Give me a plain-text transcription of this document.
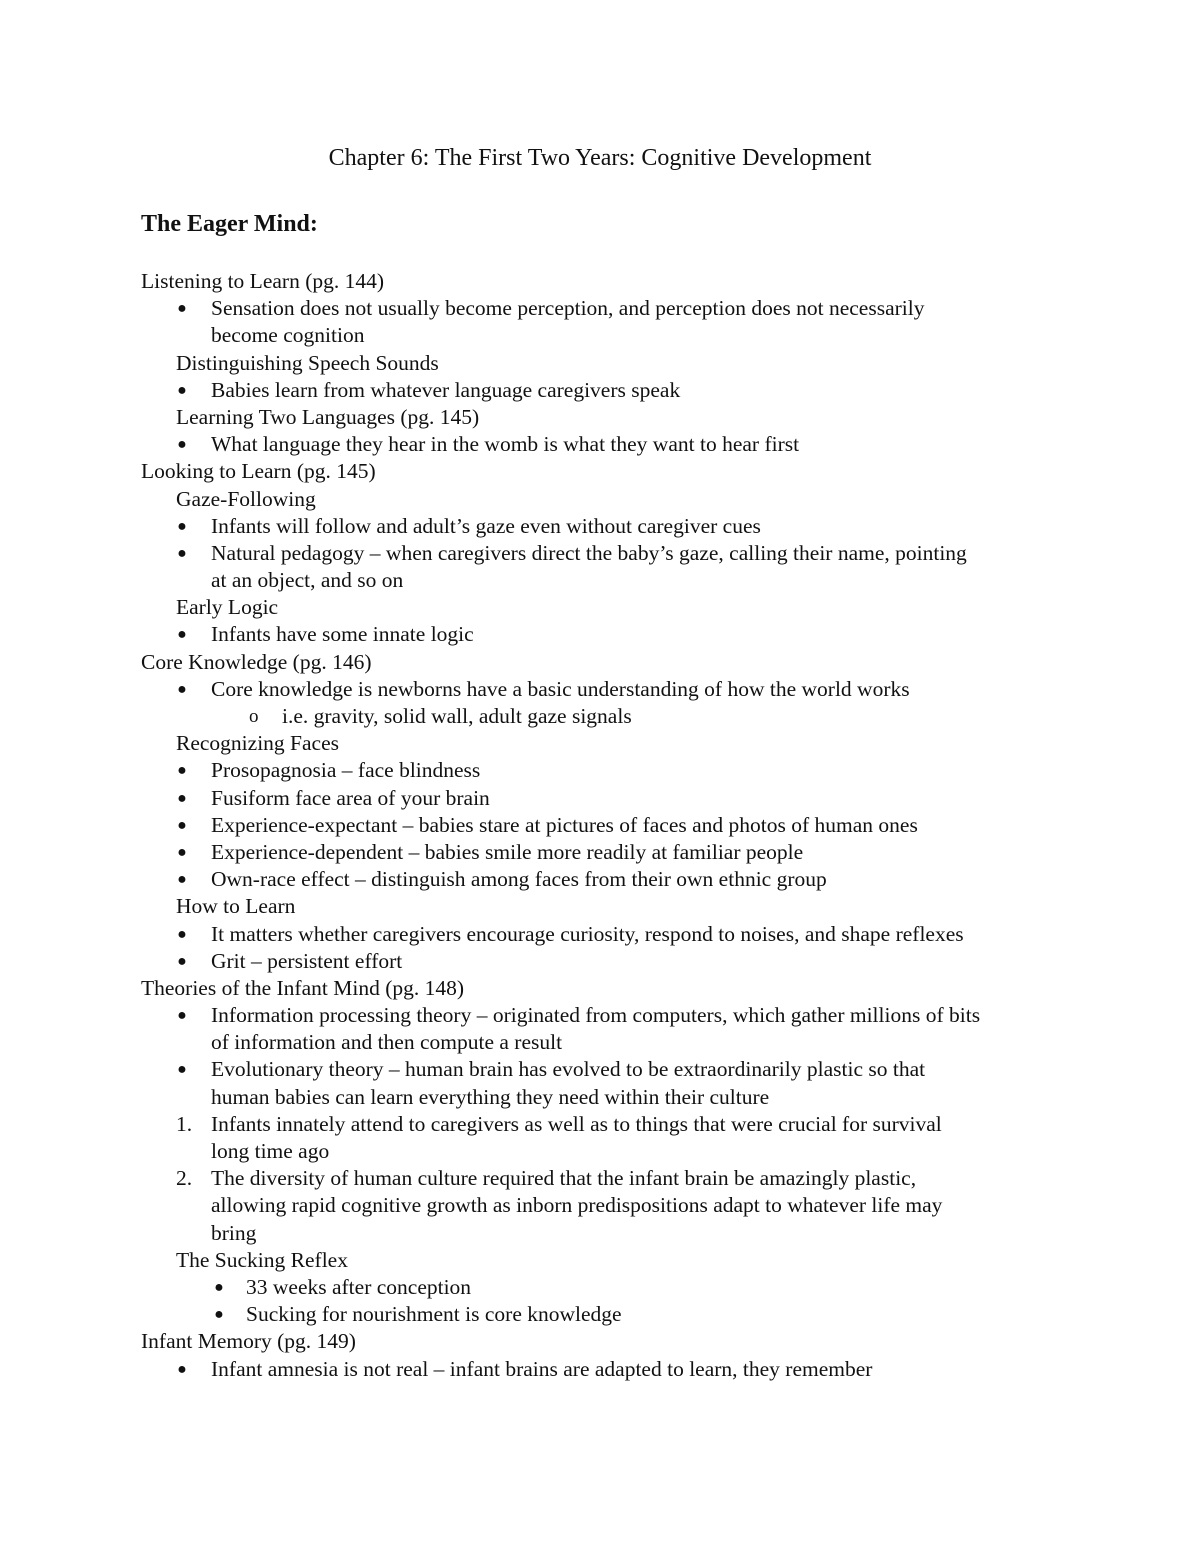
Chapter 6: The First Two Years: Cognitive Development
The Eager Mind:
Listening to Learn (pg. 144)
● Sensation does not usually become perception, and perception does not necessarily
become cognition
Distinguishing Speech Sounds
● Babies learn from whatever language caregivers speak
Learning Two Languages (pg. 145)
● What language they hear in the womb is what they want to hear first
Looking to Learn (pg. 145)
Gaze-Following
● Infants will follow and adult’s gaze even without caregiver cues
● Natural pedagogy – when caregivers direct the baby’s gaze, calling their name, pointing
at an object, and so on
Early Logic
● Infants have some innate logic
Core Knowledge (pg. 146)
● Core knowledge is newborns have a basic understanding of how the world works
o i.e. gravity, solid wall, adult gaze signals
Recognizing Faces
● Prosopagnosia – face blindness
● Fusiform face area of your brain
● Experience-expectant – babies stare at pictures of faces and photos of human ones
● Experience-dependent – babies smile more readily at familiar people
● Own-race effect – distinguish among faces from their own ethnic group
How to Learn
● It matters whether caregivers encourage curiosity, respond to noises, and shape reflexes
● Grit – persistent effort
Theories of the Infant Mind (pg. 148)
● Information processing theory – originated from computers, which gather millions of bits
of information and then compute a result
● Evolutionary theory – human brain has evolved to be extraordinarily plastic so that
human babies can learn everything they need within their culture
1. Infants innately attend to caregivers as well as to things that were crucial for survival
long time ago
2. The diversity of human culture required that the infant brain be amazingly plastic,
allowing rapid cognitive growth as inborn predispositions adapt to whatever life may
bring
The Sucking Reflex
● 33 weeks after conception
● Sucking for nourishment is core knowledge
Infant Memory (pg. 149)
● Infant amnesia is not real – infant brains are adapted to learn, they remember
